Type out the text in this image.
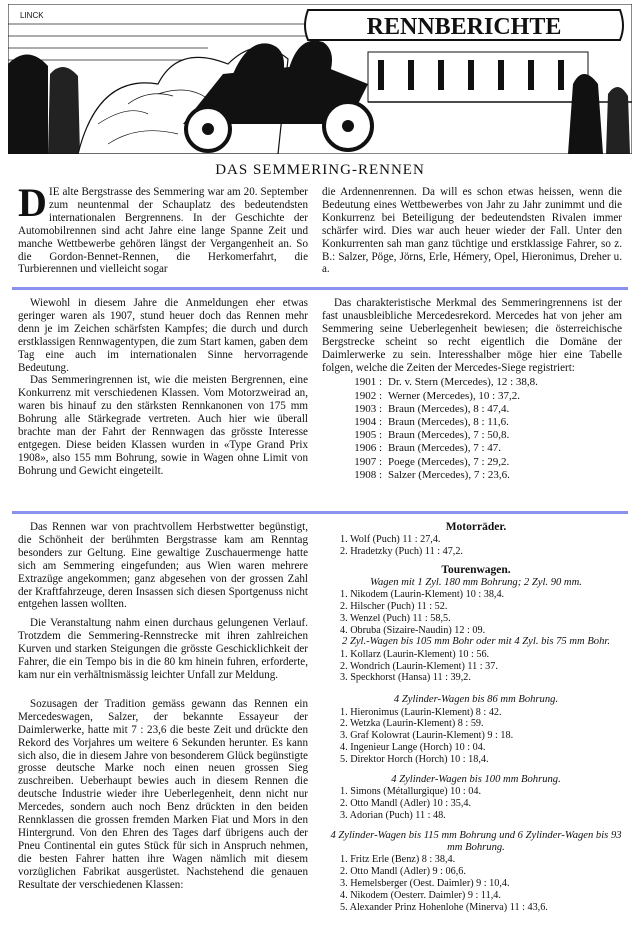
RENNBERICHTE
LINCK
DAS SEMMERING-RENNEN
D IE alte Bergstrasse des Semmering war am 20. September zum neuntenmal der Schauplatz des bedeutendsten internationalen Bergrennens. In der Geschichte der Automobilrennen sind acht Jahre eine lange Spanne Zeit und manche Wettbewerbe gehören längst der Vergangenheit an. So die Gordon-Bennet-Rennen, die Herkomerfahrt, die Turbierennen und vielleicht sogar
die Ardennenrennen. Da will es schon etwas heissen, wenn die Bedeutung eines Wettbewerbes von Jahr zu Jahr zunimmt und die Konkurrenz bei Beteiligung der bedeutendsten Rivalen immer schärfer wird. Dies war auch heuer wieder der Fall. Unter den Konkurrenten sah man ganz tüchtige und erstklassige Fahrer, so z. B.: Salzer, Pöge, Jörns, Erle, Hémery, Opel, Hieronimus, Dreher u. a.

Wiewohl in diesem Jahre die Anmeldungen eher etwas geringer waren als 1907, stund heuer doch das Rennen mehr denn je im Zeichen schärfsten Kampfes; die durch und durch erstklassigen Rennwagentypen, die zum Start kamen, gaben dem Tag eine auch im internationalen Sinne hervorragende Bedeutung.

Das Semmeringrennen ist, wie die meisten Bergrennen, eine Konkurrenz mit verschiedenen Klassen. Vom Motorzweirad an, waren bis hinauf zu den stärksten Rennkanonen von 175 mm Bohrung alle Stärkegrade vertreten. Auch hier wie überall brachte man der Fahrt der Rennwagen das grösste Interesse entgegen. Diese beiden Klassen wurden in «Type Grand Prix 1908», also 155 mm Bohrung, sowie in Wagen ohne Limit von Bohrung und Gewicht eingeteilt.

Das charakteristische Merkmal des Semmeringrennens ist der fast unausbleibliche Mercedesrekord. Mercedes hat von jeher am Semmering seine Ueberlegenheit bewiesen; die österreichische Bergstrecke scheint so recht eigentlich die Domäne der Daimlerwerke zu sein. Interesshalber möge hier eine Tabelle folgen, welche die Zeiten der Mercedes-Siege registriert:

1901 : Dr. v. Stern (Mercedes), 12 : 38,8.
1902 : Werner (Mercedes), 10 : 37,2.
1903 : Braun (Mercedes), 8 : 47,4.
1904 : Braun (Mercedes), 8 : 11,6.
1905 : Braun (Mercedes), 7 : 50,8.
1906 : Braun (Mercedes), 7 : 47.
1907 : Poege (Mercedes), 7 : 29,2.
1908 : Salzer (Mercedes), 7 : 23,6.

Das Rennen war von prachtvollem Herbstwetter begünstigt, die Schönheit der berühmten Bergstrasse kam am Renntag besonders zur Geltung. Eine gewaltige Zuschauermenge hatte sich am Semmering eingefunden; aus Wien waren mehrere Extrazüge angekommen; ganz abgesehen von der grossen Zahl der Kraftfahrzeuge, deren Insassen sich diesen Sportgenuss nicht entgehen lassen wollten.

Die Veranstaltung nahm einen durchaus gelungenen Verlauf. Trotzdem die Semmering-Rennstrecke mit ihren zahlreichen Kurven und starken Steigungen die grösste Geschicklichkeit der Fahrer, die ein Tempo bis in die 80 km hinein fuhren, erforderte, kam nur ein verhältnismässig leichter Unfall zur Meldung.

Sozusagen der Tradition gemäss gewann das Rennen ein Mercedeswagen, Salzer, der bekannte Essayeur der Daimlerwerke, hatte mit 7 : 23,6 die beste Zeit und drückte den Rekord des Vorjahres um weitere 6 Sekunden herunter. Es kann sich also, die in diesem Jahre von besonderem Glück begünstigte grosse deutsche Marke noch einen neuen grossen Sieg zuschreiben. Ueberhaupt bewies auch in diesem Rennen die deutsche Industrie wieder ihre Ueberlegenheit, denn nicht nur Mercedes, sondern auch noch Benz drückten in den beiden Rennklassen die grossen fremden Marken Fiat und Mors in den Hintergrund. Von den Ehren des Tages darf übrigens auch der Pneu Continental ein gutes Stück für sich in Anspruch nehmen, die besten Fahrer hatten ihre Wagen nämlich mit diesem vorzüglichen Fabrikat ausgerüstet. Nachstehend die genauen Resultate der verschiedenen Klassen:

Motorräder.

1. Wolf (Puch) 11 : 27,4.
2. Hradetzky (Puch) 11 : 47,2.

Tourenwagen.

Wagen mit 1 Zyl. 180 mm Bohrung; 2 Zyl. 90 mm.

1. Nikodem (Laurin-Klement) 10 : 38,4.
2. Hilscher (Puch) 11 : 52.
3. Wenzel (Puch) 11 : 58,5.
4. Obruba (Sizaire-Naudin) 12 : 09.

2 Zyl.-Wagen bis 105 mm Bohr oder mit 4 Zyl. bis 75 mm Bohr.

1. Kollarz (Laurin-Klement) 10 : 56.
2. Wondrich (Laurin-Klement) 11 : 37.
3. Speckhorst (Hansa) 11 : 39,2.

4 Zylinder-Wagen bis 86 mm Bohrung.

1. Hieronimus (Laurin-Klement) 8 : 42.
2. Wetzka (Laurin-Klement) 8 : 59.
3. Graf Kolowrat (Laurin-Klement) 9 : 18.
4. Ingenieur Lange (Horch) 10 : 04.
5. Direktor Horch (Horch) 10 : 18,4.

4 Zylinder-Wagen bis 100 mm Bohrung.

1. Simons (Métallurgique) 10 : 04.
2. Otto Mandl (Adler) 10 : 35,4.
3. Adorian (Puch) 11 : 48.

4 Zylinder-Wagen bis 115 mm Bohrung und 6 Zylinder-Wagen bis 93 mm Bohrung.

1. Fritz Erle (Benz) 8 : 38,4.
2. Otto Mandl (Adler) 9 : 06,6.
3. Hemelsberger (Oest. Daimler) 9 : 10,4.
4. Nikodem (Oesterr. Daimler) 9 : 11,4.
5. Alexander Prinz Hohenlohe (Minerva) 11 : 43,6.
